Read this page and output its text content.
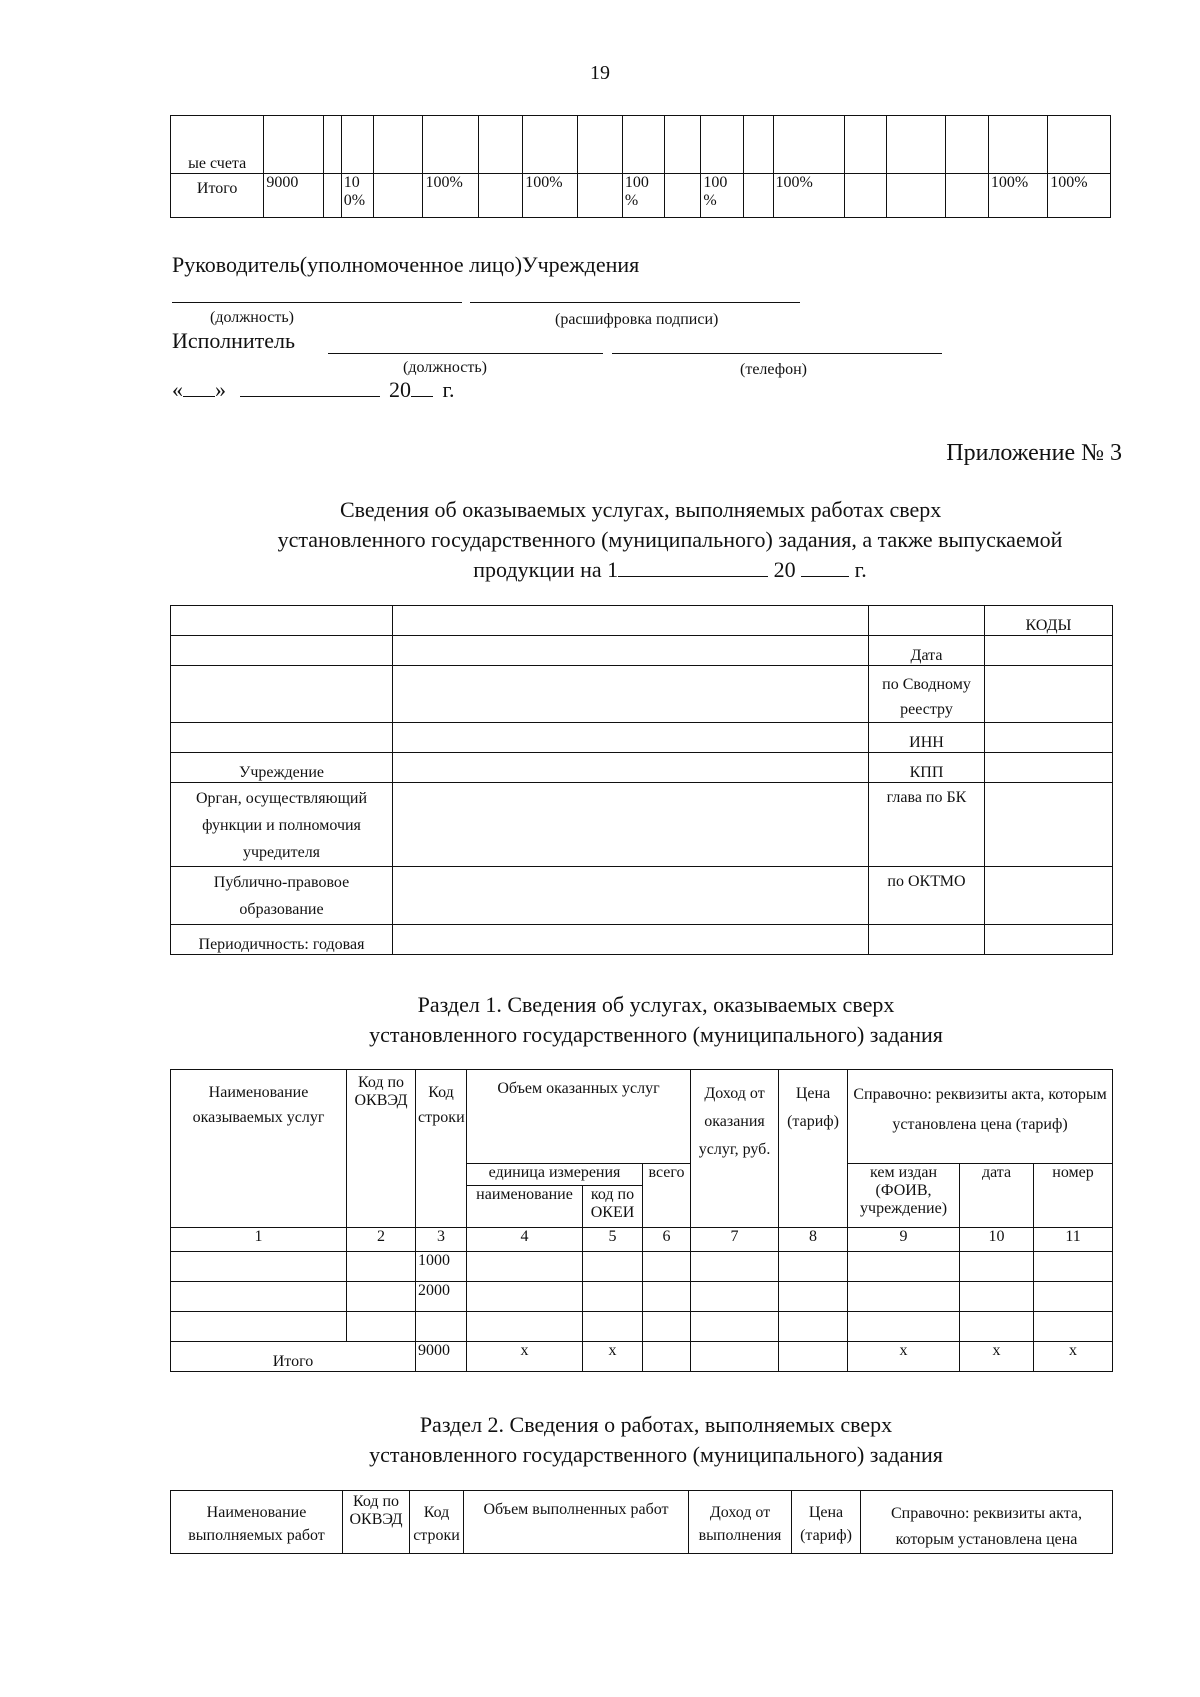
19
ые счета																		
Итого	9000		10 0%		100%		100%		100 %		100 %		100%				100%	100%
Руководитель(уполномоченное лицо)Учреждения
(должность)	(расшифровка подписи)
Исполнитель
(должность)	(телефон)
« »	20 г.
Приложение № 3
Сведения об оказываемых услугах, выполняемых работах сверх
установленного государственного (муниципального) задания, а также выпускаемой
продукции на 1	20	г.
			КОДЫ
		Дата	
		по Сводному реестру	
		ИНН	
Учреждение		КПП	
Орган, осуществляющий функции и полномочия учредителя		глава по БК	
Публично-правовое образование		по ОКТМО	
Периодичность: годовая			
Раздел 1. Сведения об услугах, оказываемых сверх
установленного государственного (муниципального) задания
Наименование оказываемых услуг	Код по ОКВЭД	Код строки	Объем оказанных услуг			Доход от оказания услуг, руб.	Цена (тариф)	Справочно: реквизиты акта, которым установлена цена (тариф)		
			единица измерения		всего			кем издан (ФОИВ, учреждение)	дата	номер
			наименование	код по ОКЕИ						
1	2	3	4	5	6	7	8	9	10	11
		1000								
		2000								

Итого		9000	x	x				x	x	x
Раздел 2. Сведения о работах, выполняемых сверх
установленного государственного (муниципального) задания
Наименование выполняемых работ	Код по ОКВЭД	Код строки	Объем выполненных работ	Доход от выполнения	Цена (тариф)	Справочно: реквизиты акта, которым установлена цена
